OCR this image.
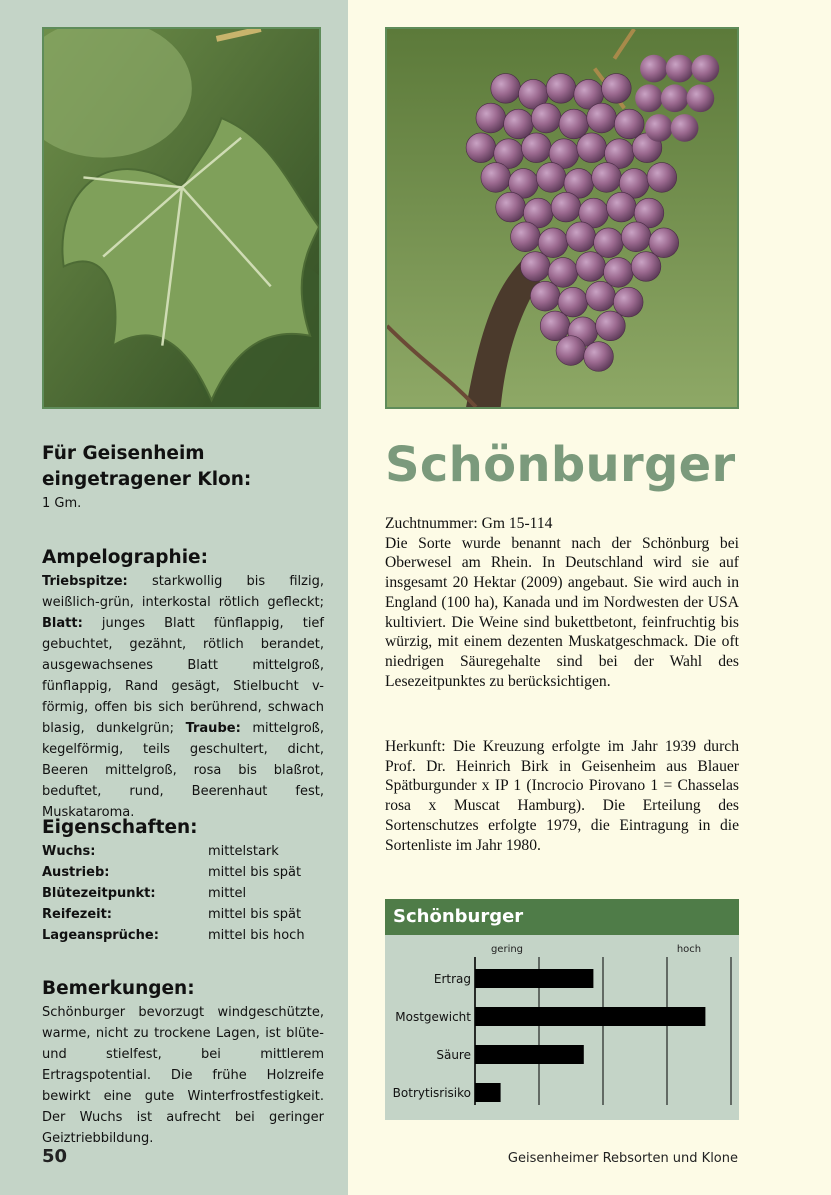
Für Geisenheim eingetragener Klon:
1 Gm.
Ampelographie:
Triebspitze: starkwollig bis filzig, weißlich-grün, interkostal rötlich gefleckt; Blatt: junges Blatt fünflappig, tief gebuchtet, gezähnt, rötlich berandet, ausgewachsenes Blatt mittelgroß, fünflappig, Rand gesägt, Stielbucht v-förmig, offen bis sich berührend, schwach blasig, dunkelgrün; Traube: mittelgroß, kegelförmig, teils geschultert, dicht, Beeren mittelgroß, rosa bis blaßrot, beduftet, rund, Beerenhaut fest, Muskataroma.
Eigenschaften:
Wuchs:	mittelstark
Austrieb:	mittel bis spät
Blütezeitpunkt:	mittel
Reifezeit:	mittel bis spät
Lageansprüche:	mittel bis hoch
Bemerkungen:
Schönburger bevorzugt windgeschützte, warme, nicht zu trockene Lagen, ist blüte- und stielfest, bei mittlerem Ertragspotential. Die frühe Holzreife bewirkt eine gute Winterfrostfestigkeit. Der Wuchs ist aufrecht bei geringer Geiztriebbildung.
50
Schönburger

Zuchtnummer: Gm 15-114

Die Sorte wurde benannt nach der Schönburg bei Oberwesel am Rhein. In Deutschland wird sie auf insgesamt 20 Hektar (2009) angebaut. Sie wird auch in England (100 ha), Kanada und im Nordwesten der USA kultiviert. Die Weine sind bukettbetont, feinfruchtig bis würzig, mit einem dezenten Muskatgeschmack. Die oft niedrigen Säuregehalte sind bei der Wahl des Lesezeitpunktes zu berücksichtigen.

Herkunft: Die Kreuzung erfolgte im Jahr 1939 durch Prof. Dr. Heinrich Birk in Geisenheim aus Blauer Spätburgunder x IP 1 (Incrocio Pirovano 1 = Chasselas rosa x Muscat Hamburg). Die Erteilung des Sortenschutzes erfolgte 1979, die Eintragung in die Sortenliste im Jahr 1980.

Schönburger
gering	hoch
Ertrag
Mostgewicht
Säure
Botrytisrisiko
Geisenheimer Rebsorten und Klone
